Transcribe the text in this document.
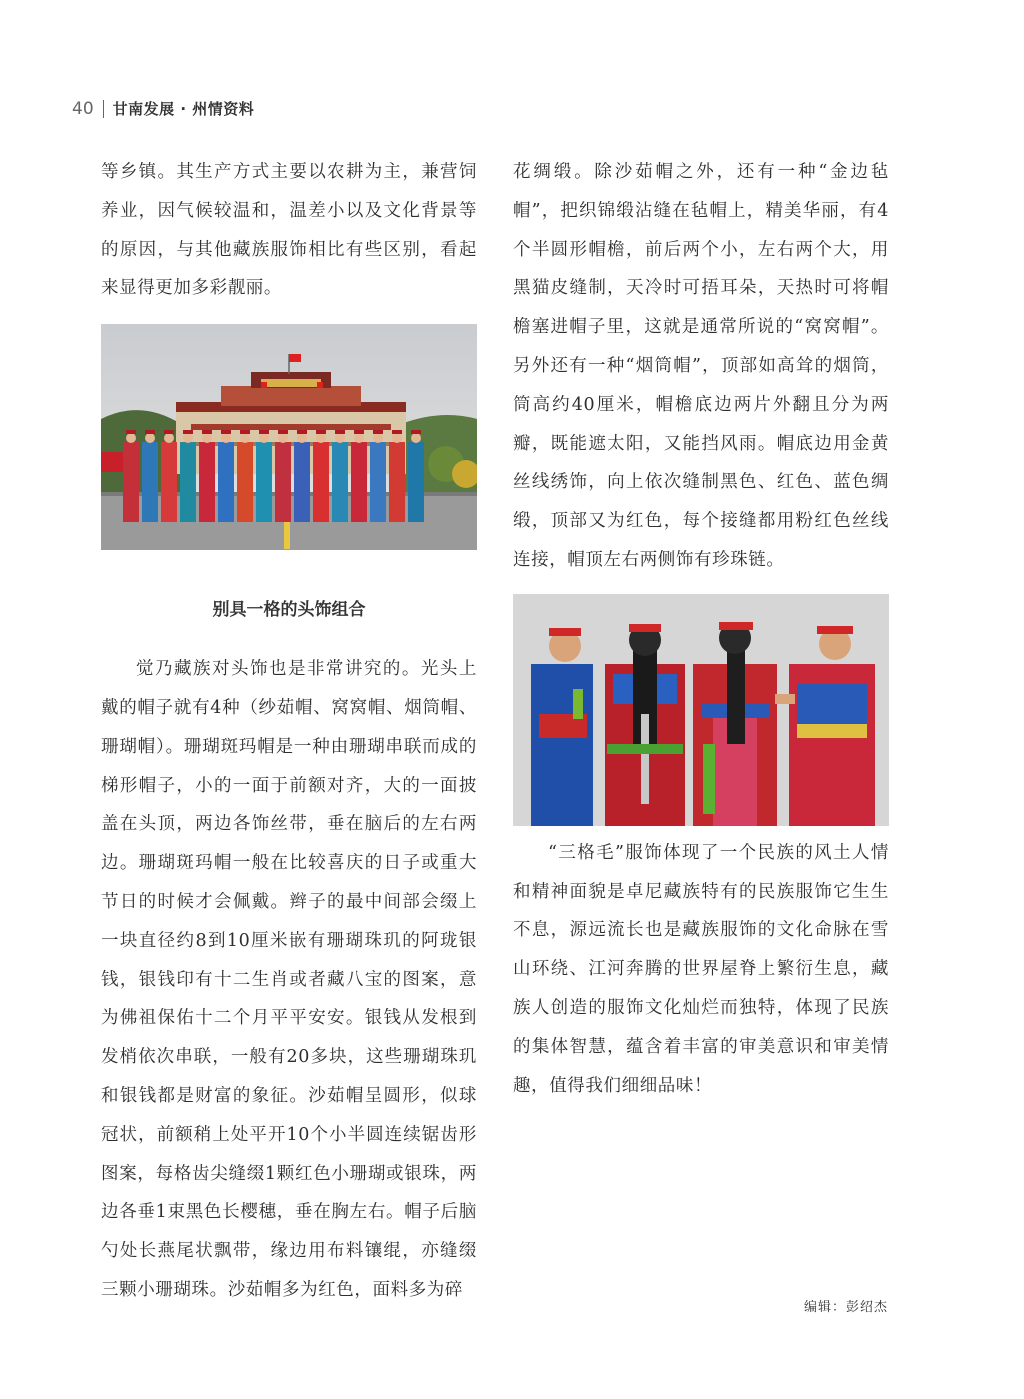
40 甘南发展 · 州情资料

等乡镇。其生产方式主要以农耕为主，兼营饲养业，因气候较温和，温差小以及文化背景等的原因，与其他藏族服饰相比有些区别，看起来显得更加多彩靓丽。

别具一格的头饰组合

觉乃藏族对头饰也是非常讲究的。光头上戴的帽子就有4种（纱茹帽、窝窝帽、烟筒帽、珊瑚帽）。珊瑚斑玛帽是一种由珊瑚串联而成的梯形帽子，小的一面于前额对齐，大的一面披盖在头顶，两边各饰丝带，垂在脑后的左右两边。珊瑚斑玛帽一般在比较喜庆的日子或重大节日的时候才会佩戴。辫子的最中间部会缀上一块直径约8到10厘米嵌有珊瑚珠玑的阿珑银钱，银钱印有十二生肖或者藏八宝的图案，意为佛祖保佑十二个月平平安安。银钱从发根到发梢依次串联，一般有20多块，这些珊瑚珠玑和银钱都是财富的象征。沙茹帽呈圆形，似球冠状，前额稍上处平开10个小半圆连续锯齿形图案，每格齿尖缝缀1颗红色小珊瑚或银珠，两边各垂1束黑色长樱穗，垂在胸左右。帽子后脑勺处长燕尾状飘带，缘边用布料镶绲，亦缝缀三颗小珊瑚珠。沙茹帽多为红色，面料多为碎

花绸缎。除沙茹帽之外，还有一种“金边毡帽”，把织锦缎沾缝在毡帽上，精美华丽，有4个半圆形帽檐，前后两个小，左右两个大，用黑猫皮缝制，天冷时可捂耳朵，天热时可将帽檐塞进帽子里，这就是通常所说的“窝窝帽”。另外还有一种“烟筒帽”，顶部如高耸的烟筒，筒高约40厘米，帽檐底边两片外翻且分为两瓣，既能遮太阳，又能挡风雨。帽底边用金黄丝线绣饰，向上依次缝制黑色、红色、蓝色绸缎，顶部又为红色，每个接缝都用粉红色丝线连接，帽顶左右两侧饰有珍珠链。

“三格毛”服饰体现了一个民族的风土人情和精神面貌是卓尼藏族特有的民族服饰它生生不息，源远流长也是藏族服饰的文化命脉在雪山环绕、江河奔腾的世界屋脊上繁衍生息，藏族人创造的服饰文化灿烂而独特，体现了民族的集体智慧，蕴含着丰富的审美意识和审美情趣，值得我们细细品味！

编辑：彭绍杰
